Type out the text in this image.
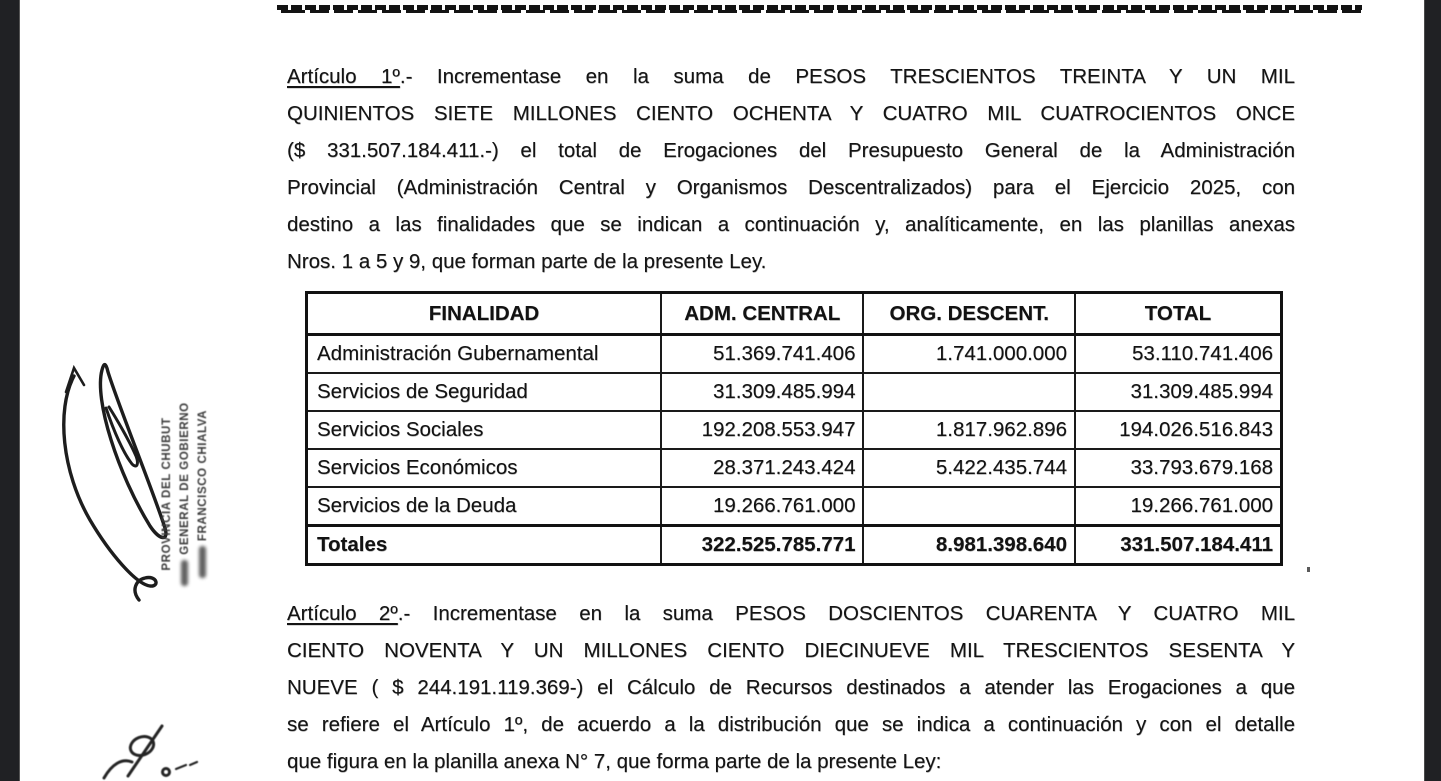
Artículo 1º.- Incrementase en la suma de PESOS TRESCIENTOS TREINTA Y UN MIL
QUINIENTOS SIETE MILLONES CIENTO OCHENTA Y CUATRO MIL CUATROCIENTOS ONCE
($ 331.507.184.411.-) el total de Erogaciones del Presupuesto General de la Administración
Provincial (Administración Central y Organismos Descentralizados) para el Ejercicio 2025, con
destino a las finalidades que se indican a continuación y, analíticamente, en las planillas anexas
Nros. 1 a 5 y 9, que forman parte de la presente Ley.
FINALIDAD	ADM. CENTRAL	ORG. DESCENT.	TOTAL
Administración Gubernamental	51.369.741.406	1.741.000.000	53.110.741.406
Servicios de Seguridad	31.309.485.994		31.309.485.994
Servicios Sociales	192.208.553.947	1.817.962.896	194.026.516.843
Servicios Económicos	28.371.243.424	5.422.435.744	33.793.679.168
Servicios de la Deuda	19.266.761.000		19.266.761.000
Totales	322.525.785.771	8.981.398.640	331.507.184.411
Artículo 2º.- Incrementase en la suma PESOS DOSCIENTOS CUARENTA Y CUATRO MIL
CIENTO NOVENTA Y UN MILLONES CIENTO DIECINUEVE MIL TRESCIENTOS SESENTA Y
NUEVE ( $ 244.191.119.369-) el Cálculo de Recursos destinados a atender las Erogaciones a que
se refiere el Artículo 1º, de acuerdo a la distribución que se indica a continuación y con el detalle
que figura en la planilla anexa N° 7, que forma parte de la presente Ley:
PROVINCIA DEL CHUBUT GENERAL DE GOBIERNO FRANCISCO CHIALVA
